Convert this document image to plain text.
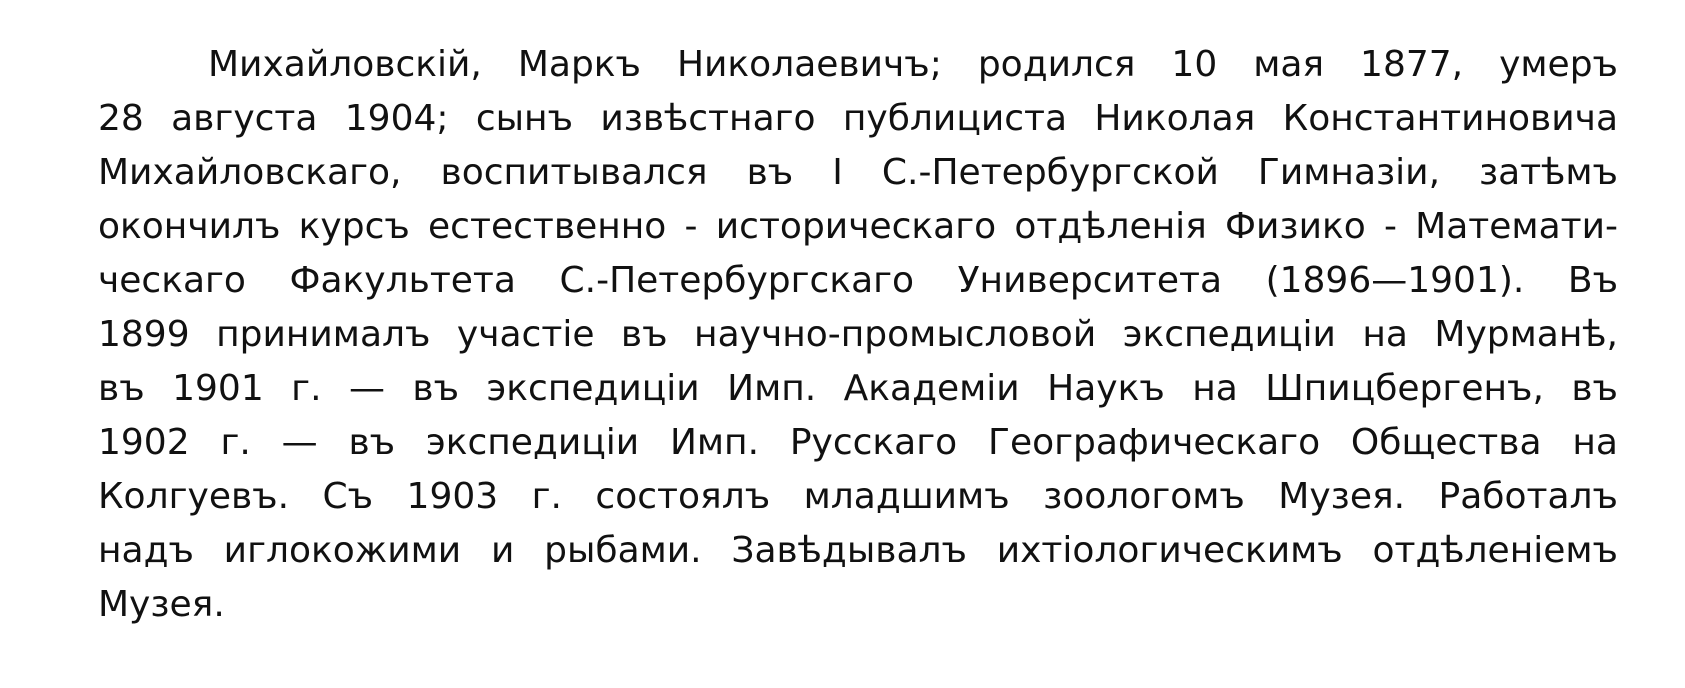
Михайловскiй, Маркъ Николаевичъ; родился 10 мая 1877, умеръ
28 августа 1904; сынъ извѣстнаго публициста Николая Константиновича
Михайловскаго, воспитывался въ I С.-Петербургской Гимназiи, затѣмъ
окончилъ курсъ естественно - историческаго отдѣленiя Физико - Математи-
ческаго Факультета С.-Петербургскаго Университета (1896—1901). Въ
1899 принималъ участiе въ научно-промысловой экспедицiи на Мурманѣ,
въ 1901 г. — въ экспедицiи Имп. Академiи Наукъ на Шпицбергенъ, въ
1902 г. — въ экспедицiи Имп. Русскаго Географическаго Общества на
Колгуевъ. Съ 1903 г. состоялъ младшимъ зоологомъ Музея. Работалъ
надъ иглокожими и рыбами. Завѣдывалъ ихтiологическимъ отдѣленiемъ
Музея.
